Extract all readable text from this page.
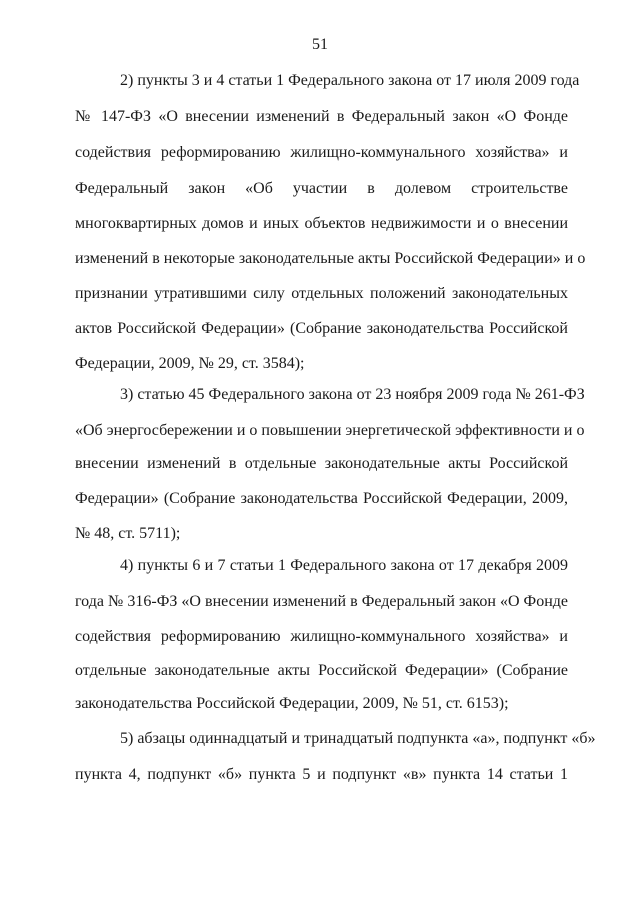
51
2) пункты 3 и 4 статьи 1 Федерального закона от 17 июля 2009 года
№ 147-ФЗ «О внесении изменений в Федеральный закон «О Фонде
содействия реформированию жилищно-коммунального хозяйства» и
Федеральный закон «Об участии в долевом строительстве
многоквартирных домов и иных объектов недвижимости и о внесении
изменений в некоторые законодательные акты Российской Федерации» и о
признании утратившими силу отдельных положений законодательных
актов Российской Федерации» (Собрание законодательства Российской
Федерации, 2009, № 29, ст. 3584);
3) статью 45 Федерального закона от 23 ноября 2009 года № 261-ФЗ
«Об энергосбережении и о повышении энергетической эффективности и о
внесении изменений в отдельные законодательные акты Российской
Федерации» (Собрание законодательства Российской Федерации, 2009,
№ 48, ст. 5711);
4) пункты 6 и 7 статьи 1 Федерального закона от 17 декабря 2009
года № 316-ФЗ «О внесении изменений в Федеральный закон «О Фонде
содействия реформированию жилищно-коммунального хозяйства» и
отдельные законодательные акты Российской Федерации» (Собрание
законодательства Российской Федерации, 2009, № 51, ст. 6153);
5) абзацы одиннадцатый и тринадцатый подпункта «а», подпункт «б»
пункта 4, подпункт «б» пункта 5 и подпункт «в» пункта 14 статьи 1
